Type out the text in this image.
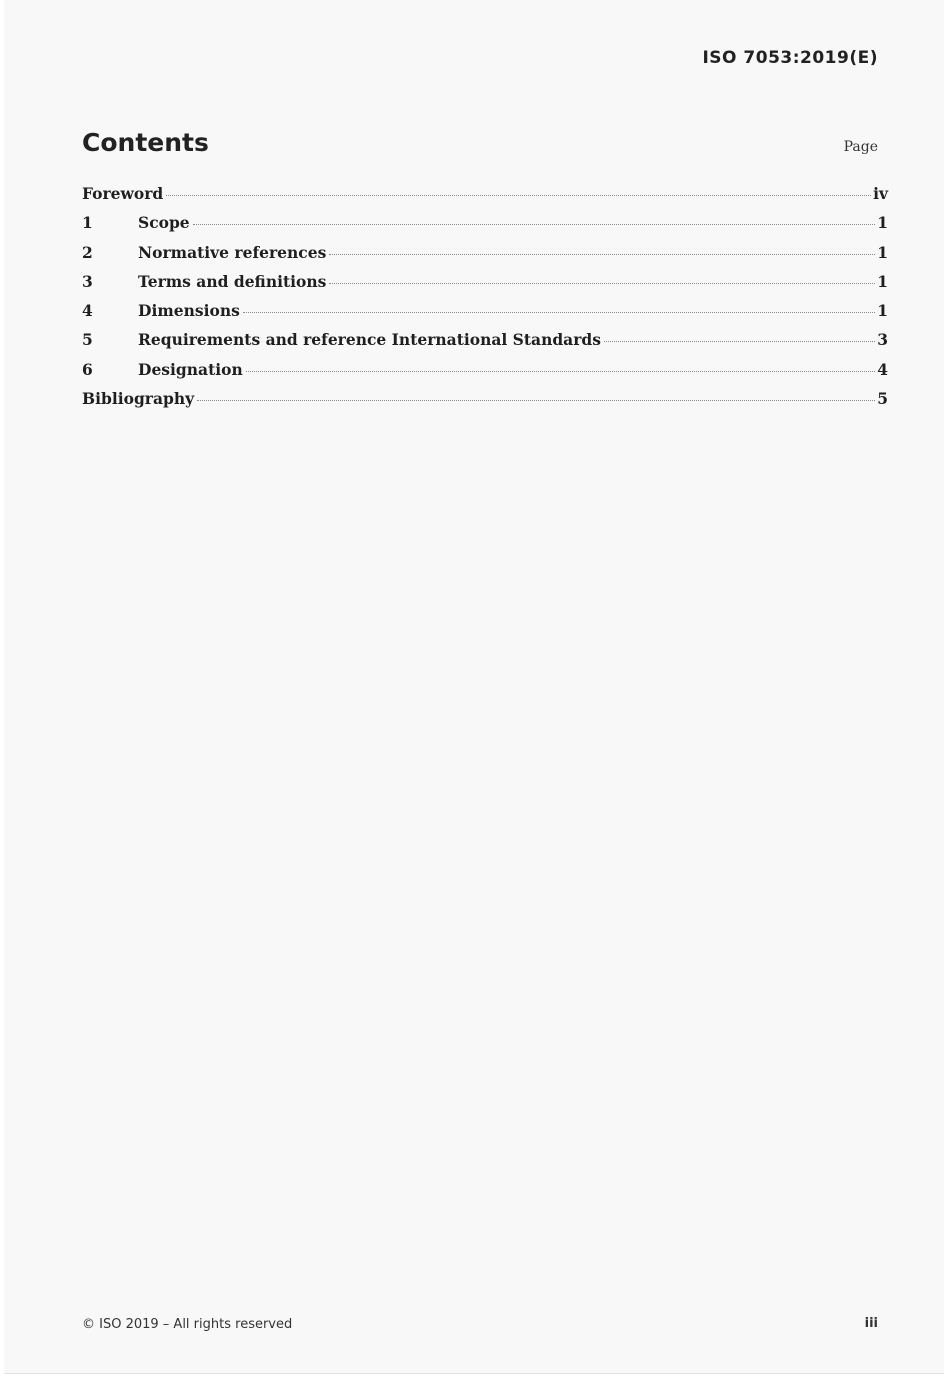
ISO 7053:2019(E)
Contents	Page
Foreword	iv
1	Scope	1
2	Normative references	1
3	Terms and definitions	1
4	Dimensions	1
5	Requirements and reference International Standards	3
6	Designation	4
Bibliography	5
© ISO 2019 – All rights reserved	iii
